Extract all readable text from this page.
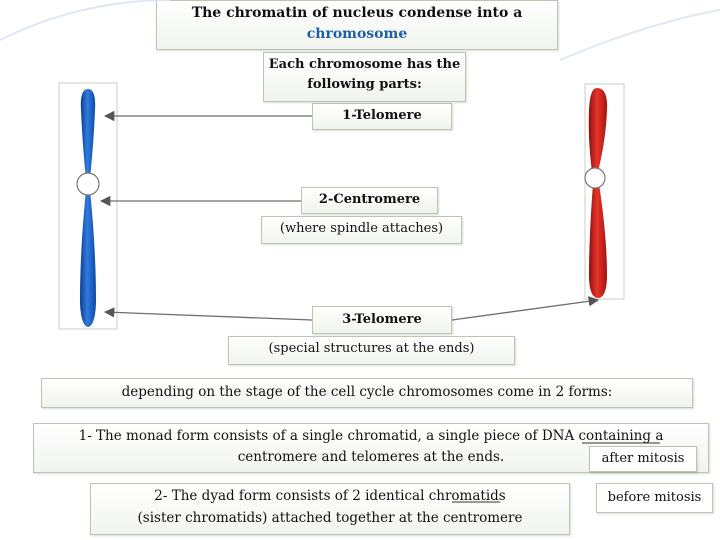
The chromatin of nucleus condense into a
chromosome
Each chromosome has the
following parts:
1-Telomere
2-Centromere
(where spindle attaches)
3-Telomere
(special structures at the ends)
depending on the stage of the cell cycle chromosomes come in 2 forms:
1- The monad form consists of a single chromatid, a single piece of DNA containing a
centromere and telomeres at the ends.	after mitosis
2- The dyad form consists of 2 identical chromatids
(sister chromatids) attached together at the centromere
before mitosis
